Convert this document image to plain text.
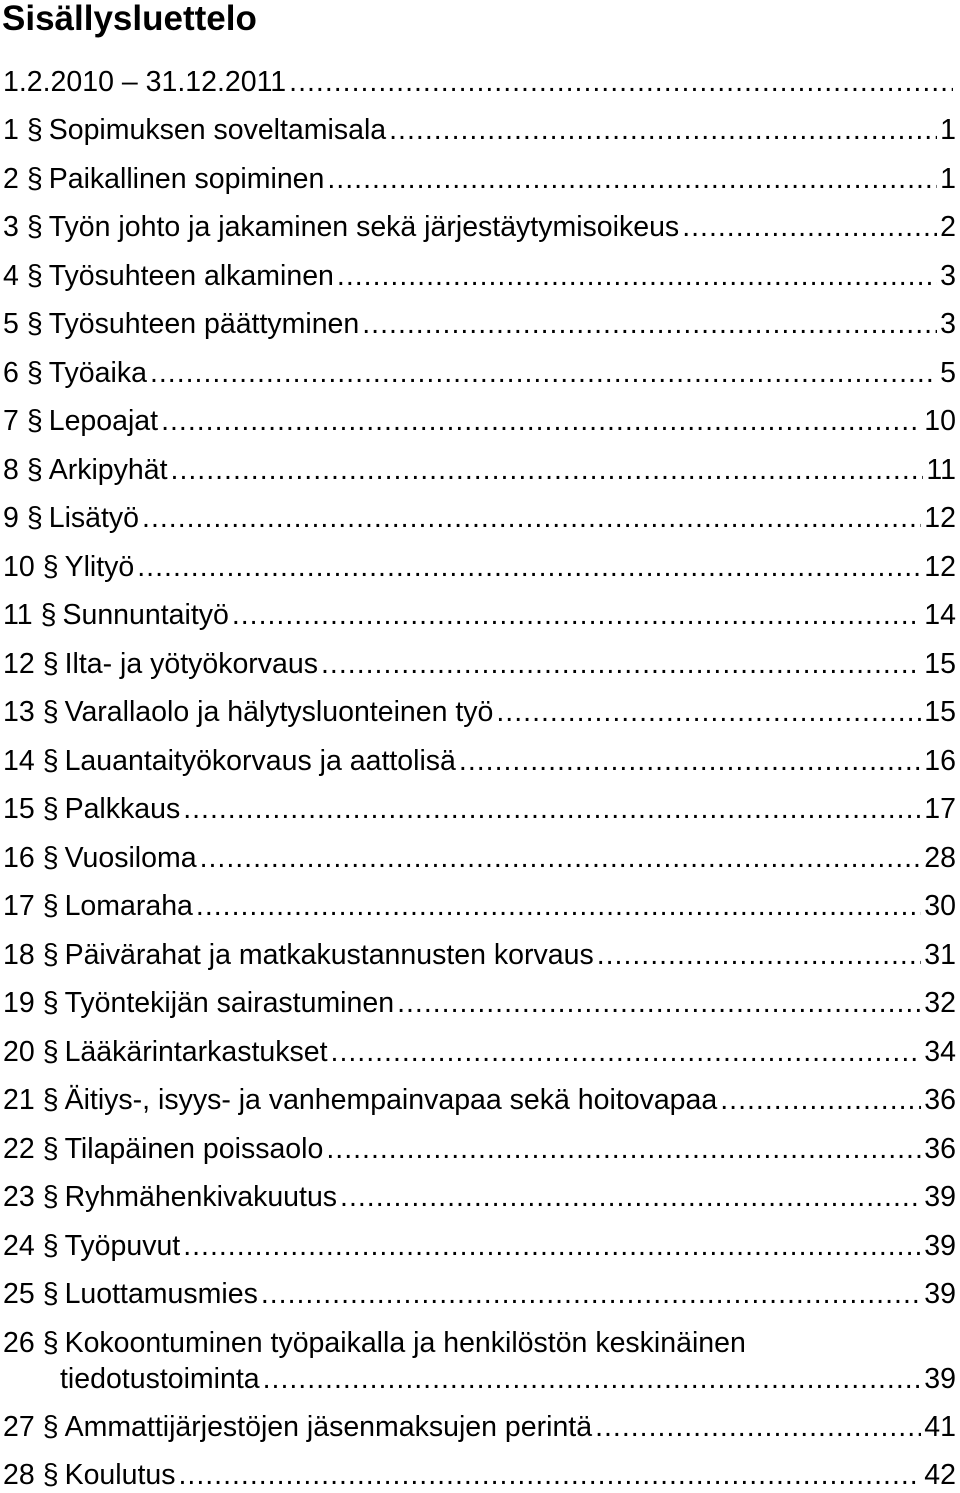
Sisällysluettelo
1.2.2010 – 31.12.2011
.....
1 § Sopimuksen soveltamisala .....	1
2 § Paikallinen sopiminen .....	1
3 § Työn johto ja jakaminen sekä järjestäytymisoikeus .....	2
4 § Työsuhteen alkaminen .....	3
5 § Työsuhteen päättyminen .....	3
6 § Työaika .....	5
7 § Lepoajat .....	10
8 § Arkipyhät .....	11
9 § Lisätyö .....	12
10 § Ylityö .....	12
11 § Sunnuntaityö .....	14
12 § Ilta- ja yötyökorvaus .....	15
13 § Varallaolo ja hälytysluonteinen työ .....	15
14 § Lauantaityökorvaus ja aattolisä .....	16
15 § Palkkaus .....	17
16 § Vuosiloma .....	28
17 § Lomaraha .....	30
18 § Päivärahat ja matkakustannusten korvaus .....	31
19 § Työntekijän sairastuminen .....	32
20 § Lääkärintarkastukset .....	34
21 § Äitiys-, isyys- ja vanhempainvapaa sekä hoitovapaa .....	36
22 § Tilapäinen poissaolo .....	36
23 § Ryhmähenkivakuutus .....	39
24 § Työpuvut .....	39
25 § Luottamusmies .....	39
26 § Kokoontuminen työpaikalla ja henkilöstön keskinäinen
tiedotustoiminta .....	39
27 § Ammattijärjestöjen jäsenmaksujen perintä .....	41
28 § Koulutus .....	42
